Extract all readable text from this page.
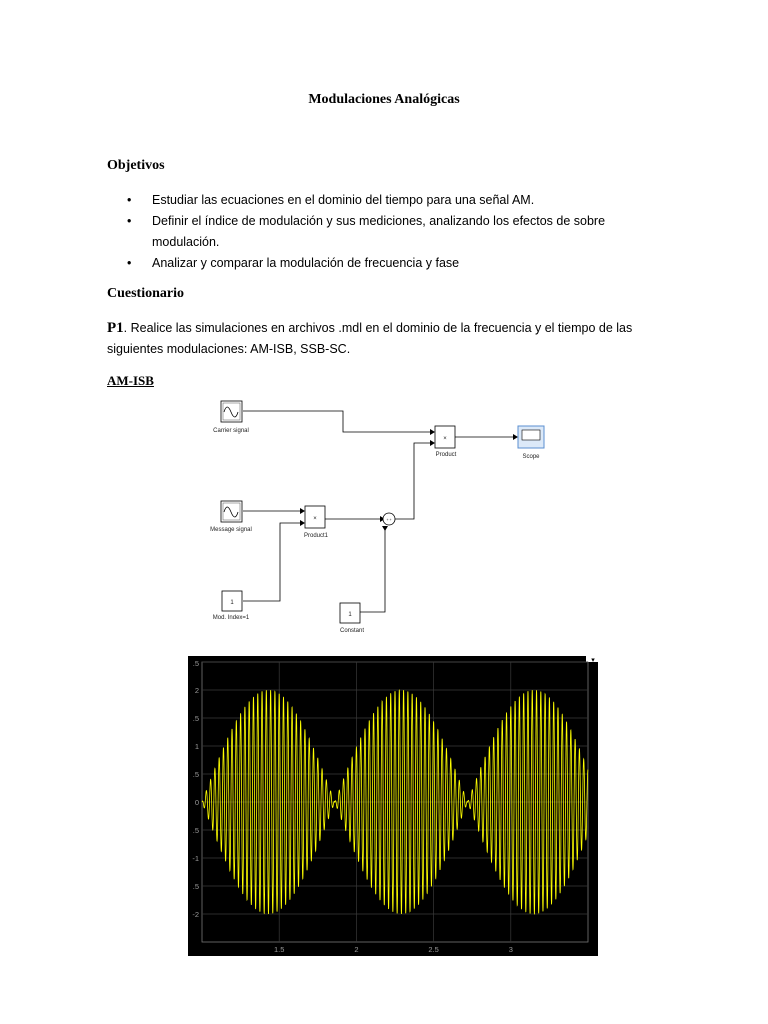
Modulaciones Analógicas
Objetivos
• Estudiar las ecuaciones en el dominio del tiempo para una señal AM.
• Definir el índice de modulación y sus mediciones, analizando los efectos de sobre modulación.
• Analizar y comparar la modulación de frecuencia y fase
Cuestionario
P1. Realice las simulaciones en archivos .mdl en el dominio de la frecuencia y el tiempo de las siguientes modulaciones: AM-ISB, SSB-SC.
AM-ISB
Carrier signal
Message signal
1
Mod. Index=1
×
Product1
+ +
1
Constant
×
Product	Scope
▾
.5
2
.5
1
.5
0
.5
-1
.5
-2
1.5	2	2.5	3
